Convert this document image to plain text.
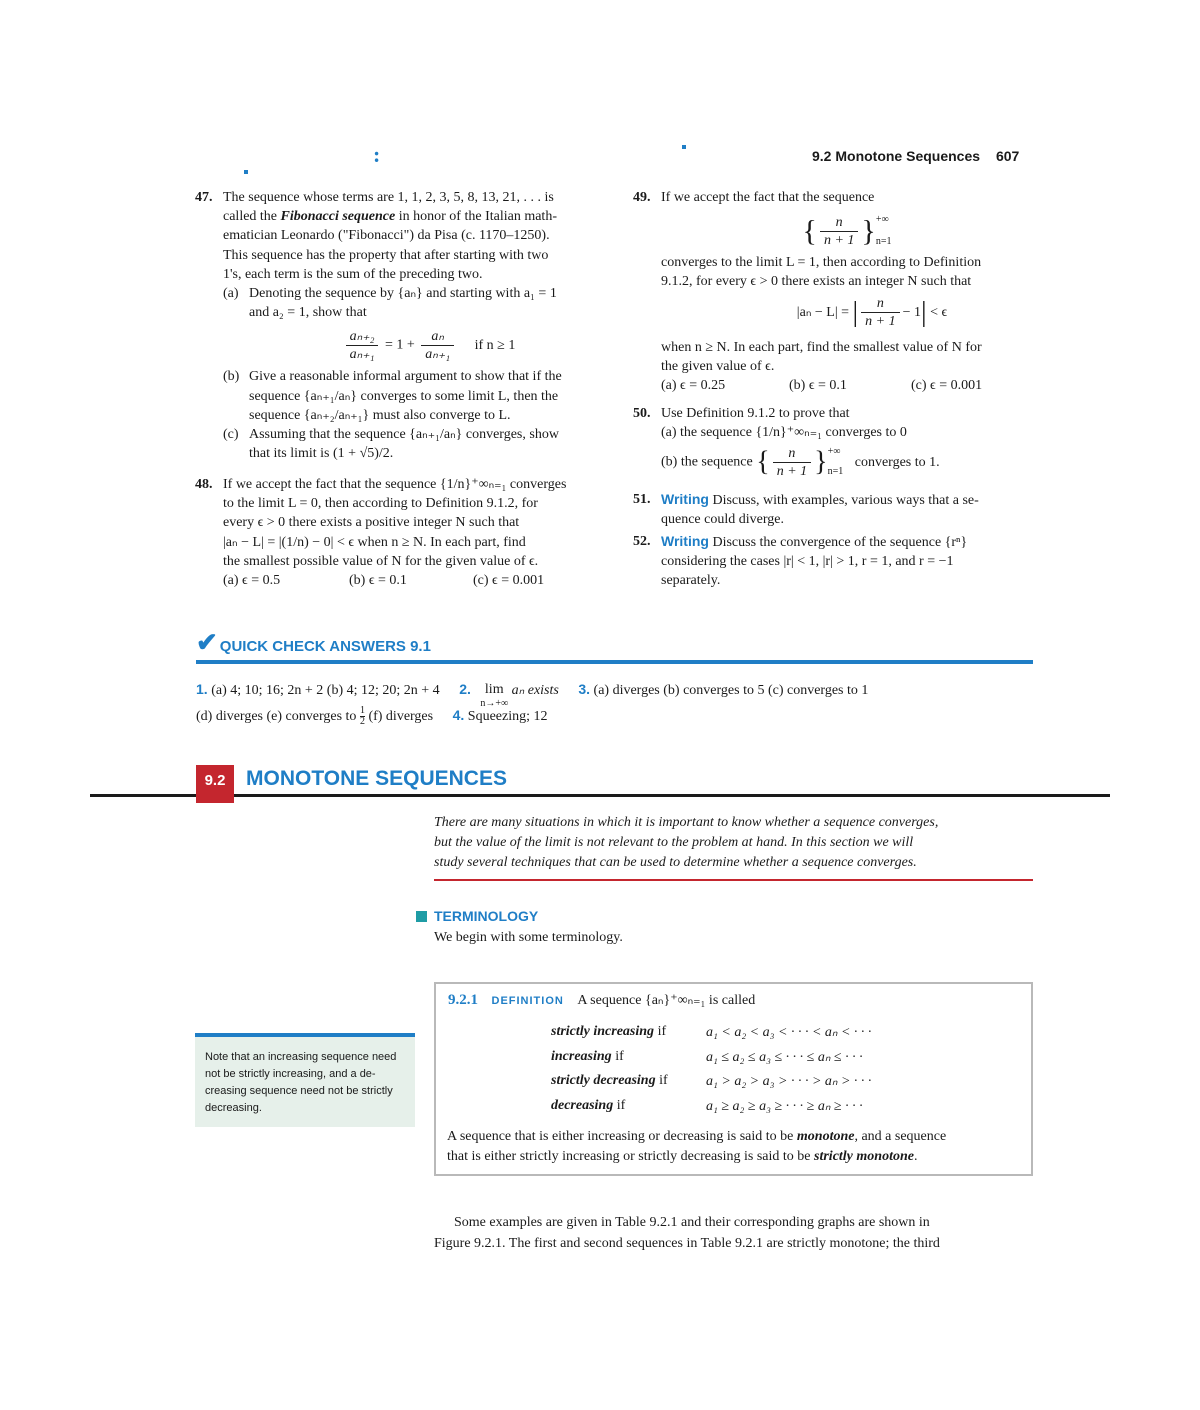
:	9.2 Monotone Sequences 607
47. The sequence whose terms are 1, 1, 2, 3, 5, 8, 13, 21, . . . is
called the Fibonacci sequence in honor of the Italian math-
ematician Leonardo ("Fibonacci") da Pisa (c. 1170–1250).
This sequence has the property that after starting with two
1's, each term is the sum of the preceding two.
(a) Denoting the sequence by {aₙ} and starting with a₁ = 1
and a₂ = 1, show that
$\frac{\text{aₙ₊₂}}{\text{aₙ₊₁}} = 1 + \frac{\text{aₙ}}{\text{aₙ₊₁}}$ if n ≥ 1
(b) Give a reasonable informal argument to show that if the
sequence {aₙ₊₁/aₙ} converges to some limit L, then the
sequence {aₙ₊₂/aₙ₊₁} must also converge to L.
(c) Assuming that the sequence {aₙ₊₁/aₙ} converges, show
that its limit is (1 + √5)/2.
48. If we accept the fact that the sequence {1/n}⁺∞ₙ₌₁ converges
to the limit L = 0, then according to Definition 9.1.2, for
every ϵ > 0 there exists a positive integer N such that
|aₙ − L| = |(1/n) − 0| < ϵ when n ≥ N. In each part, find
the smallest possible value of N for the given value of ϵ.
(a) ϵ = 0.5	(b) ϵ = 0.1	(c) ϵ = 0.001
49. If we accept the fact that the sequence
{ $\frac{n}{n + 1}$ } +∞
n=1
converges to the limit L = 1, then according to Definition
9.1.2, for every ϵ > 0 there exists an integer N such that
|aₙ − L| = | $\frac{n}{n + 1} - 1| < \epsilon$
when n ≥ N. In each part, find the smallest value of N for
the given value of ϵ.
(a) ϵ = 0.25	(b) ϵ = 0.1	(c) ϵ = 0.001
50. Use Definition 9.1.2 to prove that
(a) the sequence {1/n}⁺∞ₙ₌₁ converges to 0
(b) the sequence { $\frac{n}{n + 1}$ } +∞
n=1
converges to 1.
51. Writing Discuss, with examples, various ways that a se-
quence could diverge.
52. Writing Discuss the convergence of the sequence {rⁿ}
considering the cases |r| < 1, |r| > 1, r = 1, and r = −1
separately.
✔ QUICK CHECK ANSWERS 9.1
1. (a) 4; 10; 16; 2n + 2 (b) 4; 12; 20; 2n + 4 2.	lim
n→+∞
aₙ exists 3. (a) diverges (b) converges to 5 (c) converges to 1
(d) diverges (e) converges to $\frac{1}{2} (f)$ diverges 4. Squeezing; 12
9.2 MONOTONE SEQUENCES
There are many situations in which it is important to know whether a sequence converges,
but the value of the limit is not relevant to the problem at hand. In this section we will
study several techniques that can be used to determine whether a sequence converges.
TERMINOLOGY
We begin with some terminology.
Note that an increasing sequence need
not be strictly increasing, and a de-
creasing sequence need not be strictly
decreasing.
9.2.1 DEFINITION A sequence {aₙ}⁺∞ₙ₌₁ is called
strictly increasing if	a₁ < a₂ < a₃ < · · · < aₙ < · · ·
increasing if	a₁ ≤ a₂ ≤ a₃ ≤ · · · ≤ aₙ ≤ · · ·
strictly decreasing if	a₁ > a₂ > a₃ > · · · > aₙ > · · ·
decreasing if	a₁ ≥ a₂ ≥ a₃ ≥ · · · ≥ aₙ ≥ · · ·
A sequence that is either increasing or decreasing is said to be monotone, and a sequence
that is either strictly increasing or strictly decreasing is said to be strictly monotone.
Some examples are given in Table 9.2.1 and their corresponding graphs are shown in
Figure 9.2.1. The first and second sequences in Table 9.2.1 are strictly monotone; the third
